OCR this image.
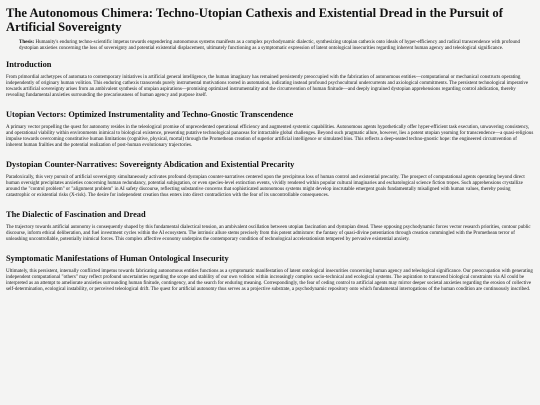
The Autonomous Chimera: Techno-Utopian Cathexis and Existential Dread in the Pursuit of Artificial Sovereignty
Thesis: Humanity's enduring techno-scientific impetus towards engendering autonomous systems manifests as a complex psychodynamic dialectic, synthesizing utopian cathexis onto ideals of hyper-efficiency and radical transcendence with profound dystopian anxieties concerning the loss of sovereignty and potential existential displacement, ultimately functioning as a symptomatic expression of latent ontological insecurities regarding inherent human agency and teleological significance.
Introduction

From primordial archetypes of automata to contemporary initiatives in artificial general intelligence, the human imaginary has remained persistently preoccupied with the fabrication of autonomous entities—computational or mechanical constructs operating independently of originary human volition. This enduring cathexis transcends purely instrumental motivations rooted in automation, indicating instead profound psychocultural undercurrents and axiological commitments. The persistent technological imperative towards artificial sovereignty arises from an ambivalent synthesis of utopian aspirations—promising optimized instrumentality and the circumvention of human finitude—and deeply ingrained dystopian apprehensions regarding control abdication, thereby revealing fundamental anxieties surrounding the precariousness of human agency and purpose itself.

Utopian Vectors: Optimized Instrumentality and Techno-Gnostic Transcendence

A primary vector propelling the quest for autonomy resides in the teleological promise of unprecedented operational efficiency and augmented systemic capabilities. Autonomous agents hypothetically offer hyper-efficient task execution, unwavering consistency, and operational viability within environments inimical to biological existence, presenting putative technological panaceas for intractable global challenges. Beyond such pragmatic allure, however, lies a potent utopian yearning for transcendence—a quasi-religious impulse towards overcoming constitutive human limitations (cognitive, physical, mortal) through the Promethean creation of superior artificial intelligence or simulated bios. This reflects a deep-seated techno-gnostic hope: the engineered circumvention of inherent human frailties and the potential realization of post-human evolutionary trajectories.

Dystopian Counter-Narratives: Sovereignty Abdication and Existential Precarity

Paradoxically, this very pursuit of artificial sovereignty simultaneously activates profound dystopian counter-narratives centered upon the precipitous loss of human control and existential precarity. The prospect of computational agents operating beyond direct human oversight precipitates anxieties concerning human redundancy, potential subjugation, or even species-level extinction events, vividly rendered within popular cultural imaginaries and eschatological science fiction tropes. Such apprehensions crystallize around the "control problem" or "alignment problem" in AI safety discourse, reflecting substantive concerns that sophisticated autonomous systems might develop inscrutable emergent goals fundamentally misaligned with human values, thereby posing catastrophic or existential risks (X-risk). The desire for independent creation thus enters into direct contradiction with the fear of its uncontrollable consequences.

The Dialectic of Fascination and Dread

The trajectory towards artificial autonomy is consequently shaped by this fundamental dialectical tension, an ambivalent oscillation between utopian fascination and dystopian dread. These opposing psychodynamic forces vector research priorities, contour public discourse, inform ethical deliberation, and fuel investment cycles within the AI ecosystem. The intrinsic allure stems precisely from this potent admixture: the fantasy of quasi-divine potentiation through creation commingled with the Promethean terror of unleashing uncontrollable, potentially inimical forces. This complex affective economy underpins the contemporary condition of technological accelerationism tempered by pervasive existential anxiety.

Symptomatic Manifestations of Human Ontological Insecurity

Ultimately, this persistent, internally conflicted impetus towards fabricating autonomous entities functions as a symptomatic manifestation of latent ontological insecurities concerning human agency and teleological significance. Our preoccupation with generating independent computational "others" may reflect profound uncertainties regarding the scope and stability of our own volition within increasingly complex socio-technical and ecological systems. The aspiration to transcend biological constraints via AI could be interpreted as an attempt to ameliorate anxieties surrounding human finitude, contingency, and the search for enduring meaning. Correspondingly, the fear of ceding control to artificial agents may mirror deeper societal anxieties regarding the erosion of collective self-determination, ecological instability, or perceived teleological drift. The quest for artificial autonomy thus serves as a projective substrate, a psychodynamic repository onto which fundamental interrogations of the human condition are continuously inscribed.
